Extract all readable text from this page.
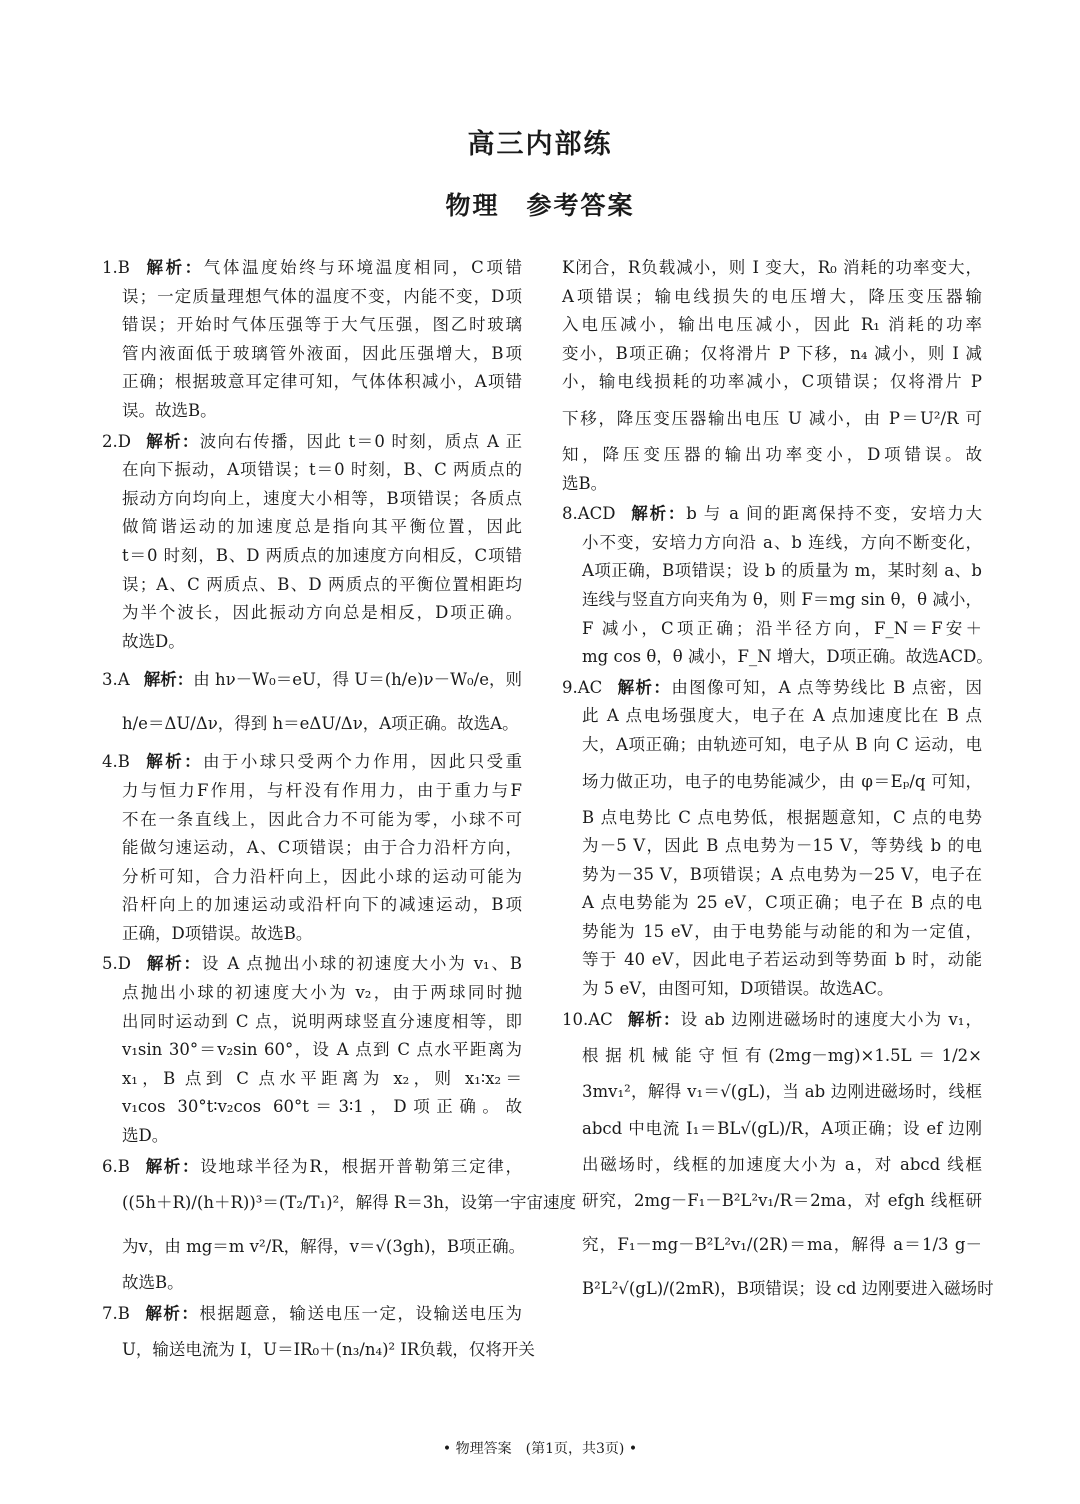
高三内部练
物理　参考答案
1.B 解析：气体温度始终与环境温度相同，C项错
误；一定质量理想气体的温度不变，内能不变，D项
错误；开始时气体压强等于大气压强，图乙时玻璃
管内液面低于玻璃管外液面，因此压强增大，B项
正确；根据玻意耳定律可知，气体体积减小，A项错
误。故选B。
2.D 解析：波向右传播，因此 t＝0 时刻，质点 A 正
在向下振动，A项错误；t＝0 时刻，B、C 两质点的
振动方向均向上，速度大小相等，B项错误；各质点
做简谐运动的加速度总是指向其平衡位置，因此
t＝0 时刻，B、D 两质点的加速度方向相反，C项错
误；A、C 两质点、B、D 两质点的平衡位置相距均
为半个波长，因此振动方向总是相反，D项正确。
故选D。
3.A 解析：由 hν－W₀＝eU，得 U＝(h/e)ν－W₀/e，则
h/e＝ΔU/Δν，得到 h＝eΔU/Δν，A项正确。故选A。
4.B 解析：由于小球只受两个力作用，因此只受重
力与恒力F作用，与杆没有作用力，由于重力与F
不在一条直线上，因此合力不可能为零，小球不可
能做匀速运动，A、C项错误；由于合力沿杆方向，
分析可知，合力沿杆向上，因此小球的运动可能为
沿杆向上的加速运动或沿杆向下的减速运动，B项
正确，D项错误。故选B。
5.D 解析：设 A 点抛出小球的初速度大小为 v₁、B
点抛出小球的初速度大小为 v₂，由于两球同时抛
出同时运动到 C 点，说明两球竖直分速度相等，即
v₁sin 30°＝v₂sin 60°，设 A 点到 C 点水平距离为
x₁，B 点到 C 点水平距离为 x₂，则 x₁∶x₂＝
v₁cos 30°t∶v₂cos 60°t＝3∶1，D项正确。故
选D。
6.B 解析：设地球半径为R，根据开普勒第三定律，
((5h＋R)/(h＋R))³＝(T₂/T₁)²，解得 R＝3h，设第一宇宙速度
为v，由 mg＝m v²/R，解得，v＝√(3gh)，B项正确。
故选B。
7.B 解析：根据题意，输送电压一定，设输送电压为
U，输送电流为 I，U＝IR₀＋(n₃/n₄)² IR负载，仅将开关
K闭合，R负载减小，则 I 变大，R₀ 消耗的功率变大，
A项错误；输电线损失的电压增大，降压变压器输
入电压减小，输出电压减小，因此 R₁ 消耗的功率
变小，B项正确；仅将滑片 P 下移，n₄ 减小，则 I 减
小，输电线损耗的功率减小，C项错误；仅将滑片 P
下移，降压变压器输出电压 U 减小，由 P＝U²/R 可
知，降压变压器的输出功率变小，D项错误。故
选B。
8.ACD 解析：b 与 a 间的距离保持不变，安培力大
小不变，安培力方向沿 a、b 连线，方向不断变化，
A项正确，B项错误；设 b 的质量为 m，某时刻 a、b
连线与竖直方向夹角为 θ，则 F＝mg sin θ，θ 减小，
F 减小，C项正确；沿半径方向，F_N＝F安＋
mg cos θ，θ 减小，F_N 增大，D项正确。故选ACD。
9.AC 解析：由图像可知，A 点等势线比 B 点密，因
此 A 点电场强度大，电子在 A 点加速度比在 B 点
大，A项正确；由轨迹可知，电子从 B 向 C 运动，电
场力做正功，电子的电势能减少，由 φ＝Eₚ/q 可知，
B 点电势比 C 点电势低，根据题意知，C 点的电势
为－5 V，因此 B 点电势为－15 V，等势线 b 的电
势为－35 V，B项错误；A 点电势为－25 V，电子在
A 点电势能为 25 eV，C项正确；电子在 B 点的电
势能为 15 eV，由于电势能与动能的和为一定值，
等于 40 eV，因此电子若运动到等势面 b 时，动能
为 5 eV，由图可知，D项错误。故选AC。
10.AC 解析：设 ab 边刚进磁场时的速度大小为 v₁，
根据机械能守恒有(2mg－mg)×1.5L＝1/2×
3mv₁²，解得 v₁＝√(gL)，当 ab 边刚进磁场时，线框
abcd 中电流 I₁＝BL√(gL)/R，A项正确；设 ef 边刚
出磁场时，线框的加速度大小为 a，对 abcd 线框
研究，2mg－F₁－B²L²v₁/R＝2ma，对 efgh 线框研
究，F₁－mg－B²L²v₁/(2R)＝ma，解得 a＝1/3 g－
B²L²√(gL)/(2mR)，B项错误；设 cd 边刚要进入磁场时
• 物理答案　(第1页，共3页) •
